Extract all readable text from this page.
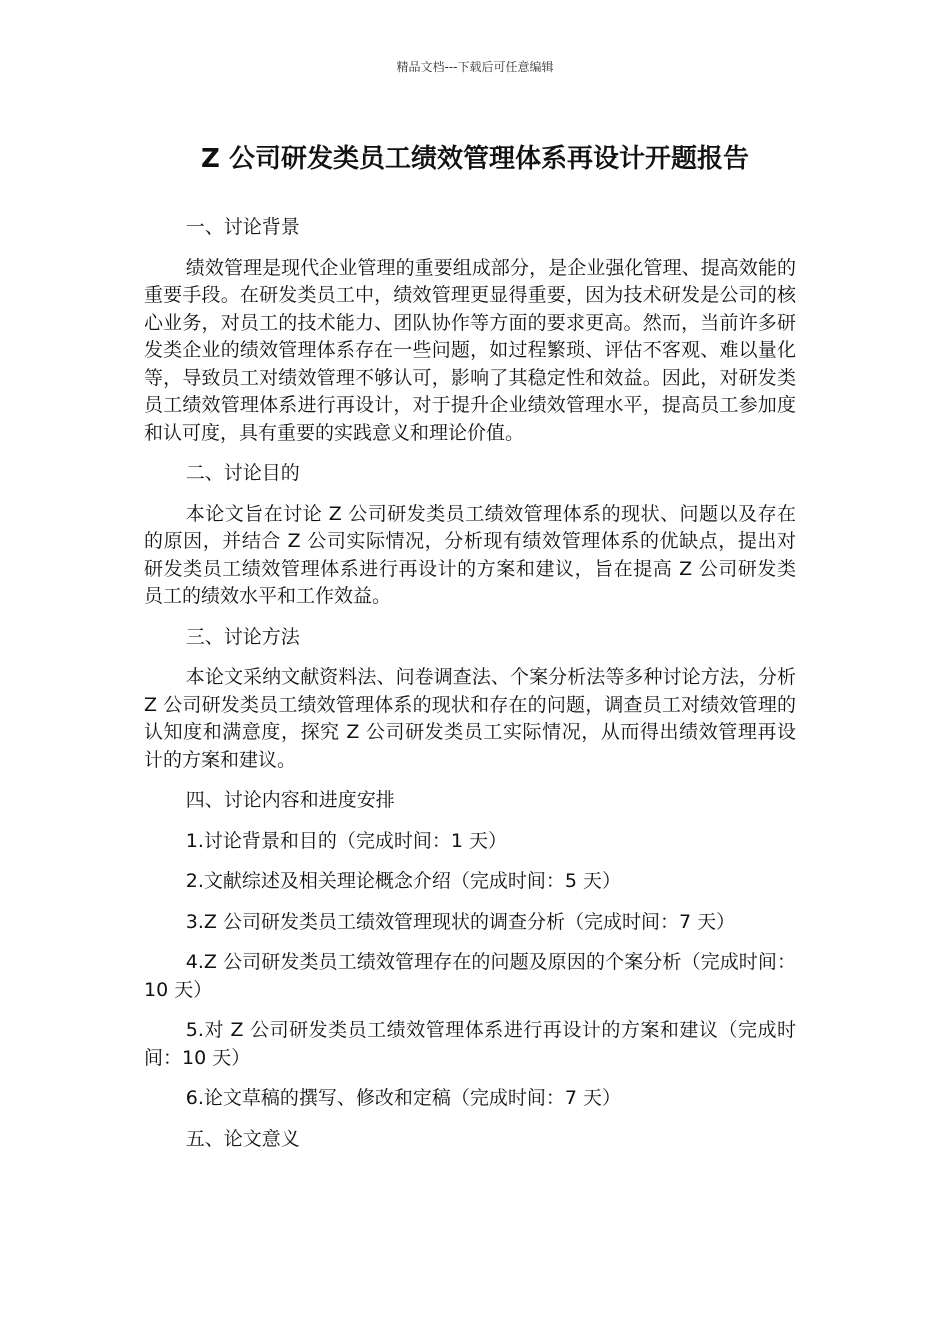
精品文档---下载后可任意编辑
Z 公司研发类员工绩效管理体系再设计开题报告
一、讨论背景
绩效管理是现代企业管理的重要组成部分，是企业强化管理、提高效能的重要手段。在研发类员工中，绩效管理更显得重要，因为技术研发是公司的核心业务，对员工的技术能力、团队协作等方面的要求更高。然而，当前许多研发类企业的绩效管理体系存在一些问题，如过程繁琐、评估不客观、难以量化等，导致员工对绩效管理不够认可，影响了其稳定性和效益。因此，对研发类员工绩效管理体系进行再设计，对于提升企业绩效管理水平，提高员工参加度和认可度，具有重要的实践意义和理论价值。
二、讨论目的
本论文旨在讨论 Z 公司研发类员工绩效管理体系的现状、问题以及存在的原因，并结合 Z 公司实际情况，分析现有绩效管理体系的优缺点，提出对研发类员工绩效管理体系进行再设计的方案和建议，旨在提高 Z 公司研发类员工的绩效水平和工作效益。
三、讨论方法
本论文采纳文献资料法、问卷调查法、个案分析法等多种讨论方法，分析 Z 公司研发类员工绩效管理体系的现状和存在的问题，调查员工对绩效管理的认知度和满意度，探究 Z 公司研发类员工实际情况，从而得出绩效管理再设计的方案和建议。
四、讨论内容和进度安排
1.讨论背景和目的（完成时间：1 天）
2.文献综述及相关理论概念介绍（完成时间：5 天）
3.Z 公司研发类员工绩效管理现状的调查分析（完成时间：7 天）
4.Z 公司研发类员工绩效管理存在的问题及原因的个案分析（完成时间：10 天）
5.对 Z 公司研发类员工绩效管理体系进行再设计的方案和建议（完成时间：10 天）
6.论文草稿的撰写、修改和定稿（完成时间：7 天）
五、论文意义
